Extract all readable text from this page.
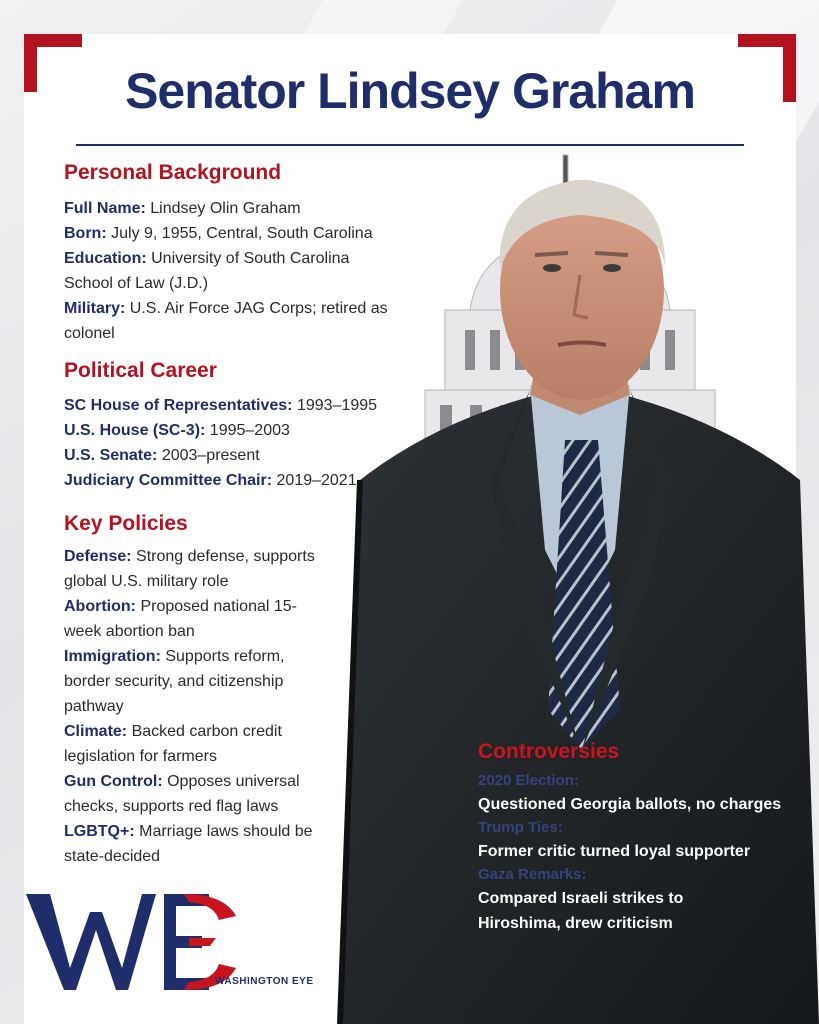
Senator Lindsey Graham
Personal Background

Full Name: Lindsey Olin Graham

Born: July 9, 1955, Central, South Carolina

Education: University of South Carolina School of Law (J.D.)

Military: U.S. Air Force JAG Corps; retired as colonel

Political Career

SC House of Representatives: 1993–1995

U.S. House (SC-3): 1995–2003

U.S. Senate: 2003–present

Judiciary Committee Chair: 2019–2021

Key Policies

Defense: Strong defense, supports global U.S. military role

Abortion: Proposed national 15-week abortion ban

Immigration: Supports reform, border security, and citizenship pathway

Climate: Backed carbon credit legislation for farmers

Gun Control: Opposes universal checks, supports red flag laws

LGBTQ+: Marriage laws should be state-decided

Controversies
2020 Election:
Questioned Georgia ballots, no charges
Trump Ties:
Former critic turned loyal supporter
Gaza Remarks:
Compared Israeli strikes to Hiroshima, drew criticism
WASHINGTON EYE
